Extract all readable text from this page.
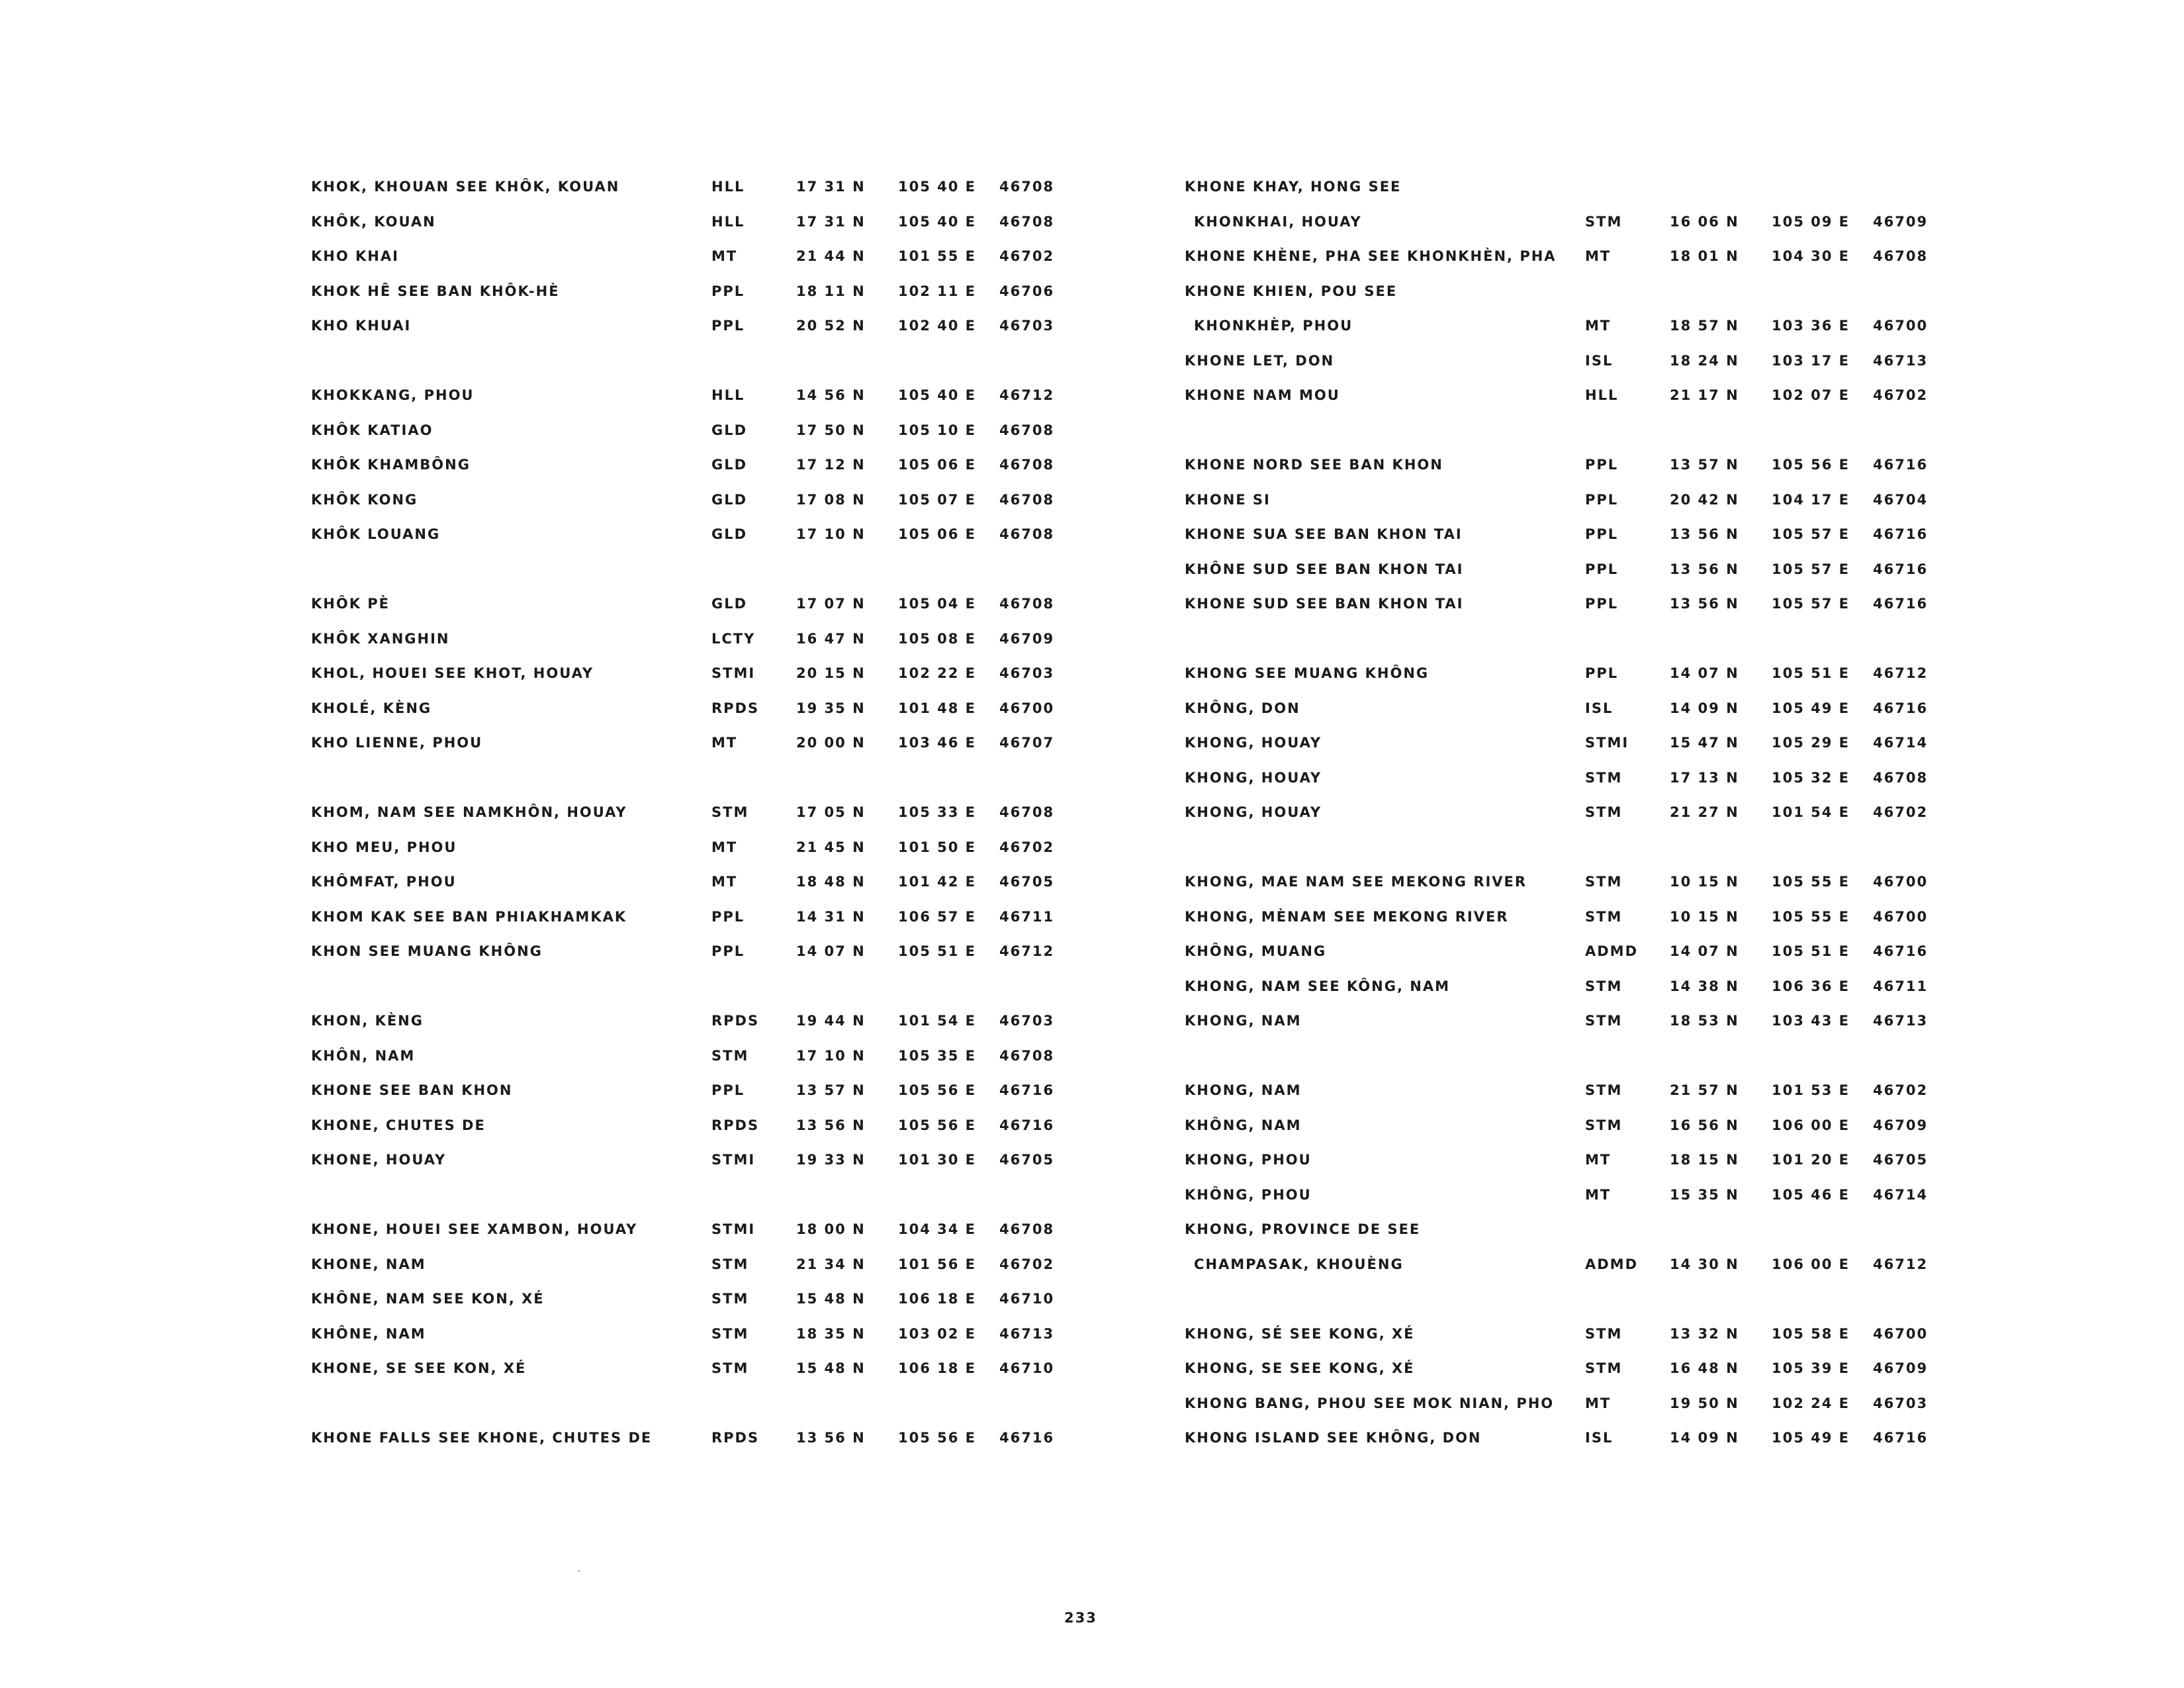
KHOK, KHOUAN SEE KHÔK, KOUAN	HLL	17 31 N 105 40 E 46708
KHÔK, KOUAN	HLL	17 31 N 105 40 E 46708
KHO KHAI	MT	21 44 N 101 55 E 46702
KHOK HÊ SEE BAN KHÔK-HÈ	PPL	18 11 N 102 11 E 46706
KHO KHUAI	PPL	20 52 N 102 40 E 46703
KHOKKANG, PHOU	HLL	14 56 N 105 40 E 46712
KHÔK KATIAO	GLD	17 50 N 105 10 E 46708
KHÔK KHAMBÔNG	GLD	17 12 N 105 06 E 46708
KHÔK KONG	GLD	17 08 N 105 07 E 46708
KHÔK LOUANG	GLD	17 10 N 105 06 E 46708
KHÔK PÈ	GLD	17 07 N 105 04 E 46708
KHÔK XANGHIN	LCTY	16 47 N 105 08 E 46709
KHOL, HOUEI SEE KHOT, HOUAY	STMI	20 15 N 102 22 E 46703
KHOLÉ, KÈNG	RPDS	19 35 N 101 48 E 46700
KHO LIENNE, PHOU	MT	20 00 N 103 46 E 46707
KHOM, NAM SEE NAMKHÔN, HOUAY	STM	17 05 N 105 33 E 46708
KHO MEU, PHOU	MT	21 45 N 101 50 E 46702
KHÔMFAT, PHOU	MT	18 48 N 101 42 E 46705
KHOM KAK SEE BAN PHIAKHAMKAK	PPL	14 31 N 106 57 E 46711
KHON SEE MUANG KHÔNG	PPL	14 07 N 105 51 E 46712
KHON, KÈNG	RPDS	19 44 N 101 54 E 46703
KHÔN, NAM	STM	17 10 N 105 35 E 46708
KHONE SEE BAN KHON	PPL	13 57 N 105 56 E 46716
KHONE, CHUTES DE	RPDS	13 56 N 105 56 E 46716
KHONE, HOUAY	STMI	19 33 N 101 30 E 46705
KHONE, HOUEI SEE XAMBON, HOUAY	STMI	18 00 N 104 34 E 46708
KHONE, NAM	STM	21 34 N 101 56 E 46702
KHÔNE, NAM SEE KON, XÉ	STM	15 48 N 106 18 E 46710
KHÔNE, NAM	STM	18 35 N 103 02 E 46713
KHONE, SE SEE KON, XÉ	STM	15 48 N 106 18 E 46710
KHONE FALLS SEE KHONE, CHUTES DE	RPDS	13 56 N 105 56 E 46716
KHONE KHAY, HONG SEE
KHONKHAI, HOUAY	STM	16 06 N 105 09 E 46709
KHONE KHÈNE, PHA SEE KHONKHÈN, PHA MT	18 01 N 104 30 E 46708
KHONE KHIEN, POU SEE
KHONKHÈP, PHOU	MT	18 57 N 103 36 E 46700
KHONE LET, DON	ISL	18 24 N 103 17 E 46713
KHONE NAM MOU	HLL	21 17 N 102 07 E 46702
KHONE NORD SEE BAN KHON	PPL	13 57 N 105 56 E 46716
KHONE SI	PPL	20 42 N 104 17 E 46704
KHONE SUA SEE BAN KHON TAI	PPL	13 56 N 105 57 E 46716
KHÔNE SUD SEE BAN KHON TAI	PPL	13 56 N 105 57 E 46716
KHONE SUD SEE BAN KHON TAI	PPL	13 56 N 105 57 E 46716
KHONG SEE MUANG KHÔNG	PPL	14 07 N 105 51 E 46712
KHÔNG, DON	ISL	14 09 N 105 49 E 46716
KHONG, HOUAY	STMI	15 47 N 105 29 E 46714
KHONG, HOUAY	STM	17 13 N 105 32 E 46708
KHONG, HOUAY	STM	21 27 N 101 54 E 46702
KHONG, MAE NAM SEE MEKONG RIVER	STM	10 15 N 105 55 E 46700
KHONG, MÈNAM SEE MEKONG RIVER	STM	10 15 N 105 55 E 46700
KHÔNG, MUANG	ADMD 14 07 N 105 51 E 46716
KHONG, NAM SEE KÔNG, NAM	STM	14 38 N 106 36 E 46711
KHONG, NAM	STM	18 53 N 103 43 E 46713
KHONG, NAM	STM	21 57 N 101 53 E 46702
KHÔNG, NAM	STM	16 56 N 106 00 E 46709
KHONG, PHOU	MT	18 15 N 101 20 E 46705
KHÔNG, PHOU	MT	15 35 N 105 46 E 46714
KHONG, PROVINCE DE SEE
CHAMPASAK, KHOUÈNG	ADMD 14 30 N 106 00 E 46712
KHONG, SÉ SEE KONG, XÉ	STM	13 32 N 105 58 E 46700
KHONG, SE SEE KONG, XÉ	STM	16 48 N 105 39 E 46709
KHONG BANG, PHOU SEE MOK NIAN, PHO MT	19 50 N 102 24 E 46703
KHONG ISLAND SEE KHÔNG, DON	ISL	14 09 N 105 49 E 46716
233
